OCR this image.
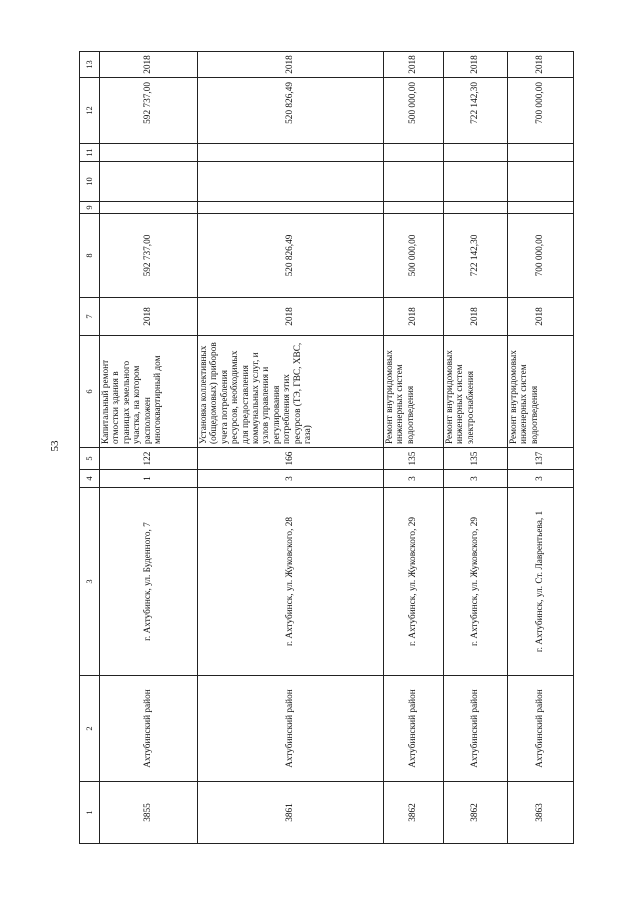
53
1	2	3	4	5	6	7	8	9	10	11	12	13
3855	Ахтубинский район	г. Ахтубинск, ул. Буденного, 7	1	122	Капитальный ремонт отмостки здания в границах земельного участка, на котором расположен многоквартирный дом	2018	592 737,00				592 737,00	2018
3861	Ахтубинский район	г. Ахтубинск, ул. Жуковского, 28	3	166	Установка коллективных (общедомовых) приборов учета потребления ресурсов, необходимых для предоставления коммунальных услуг, и узлов управления и регулирования потребления этих ресурсов (ТЭ, ГВС, ХВС, газа)	2018	520 826,49				520 826,49	2018
3862	Ахтубинский район	г. Ахтубинск, ул. Жуковского, 29	3	135	Ремонт внутридомовых инженерных систем водоотведения	2018	500 000,00				500 000,00	2018
3862	Ахтубинский район	г. Ахтубинск, ул. Жуковского, 29	3	135	Ремонт внутридомовых инженерных систем электроснабжения	2018	722 142,30				722 142,30	2018
3863	Ахтубинский район	г. Ахтубинск, ул. Ст. Лаврентьева, 1	3	137	Ремонт внутридомовых инженерных систем водоотведения	2018	700 000,00				700 000,00	2018
